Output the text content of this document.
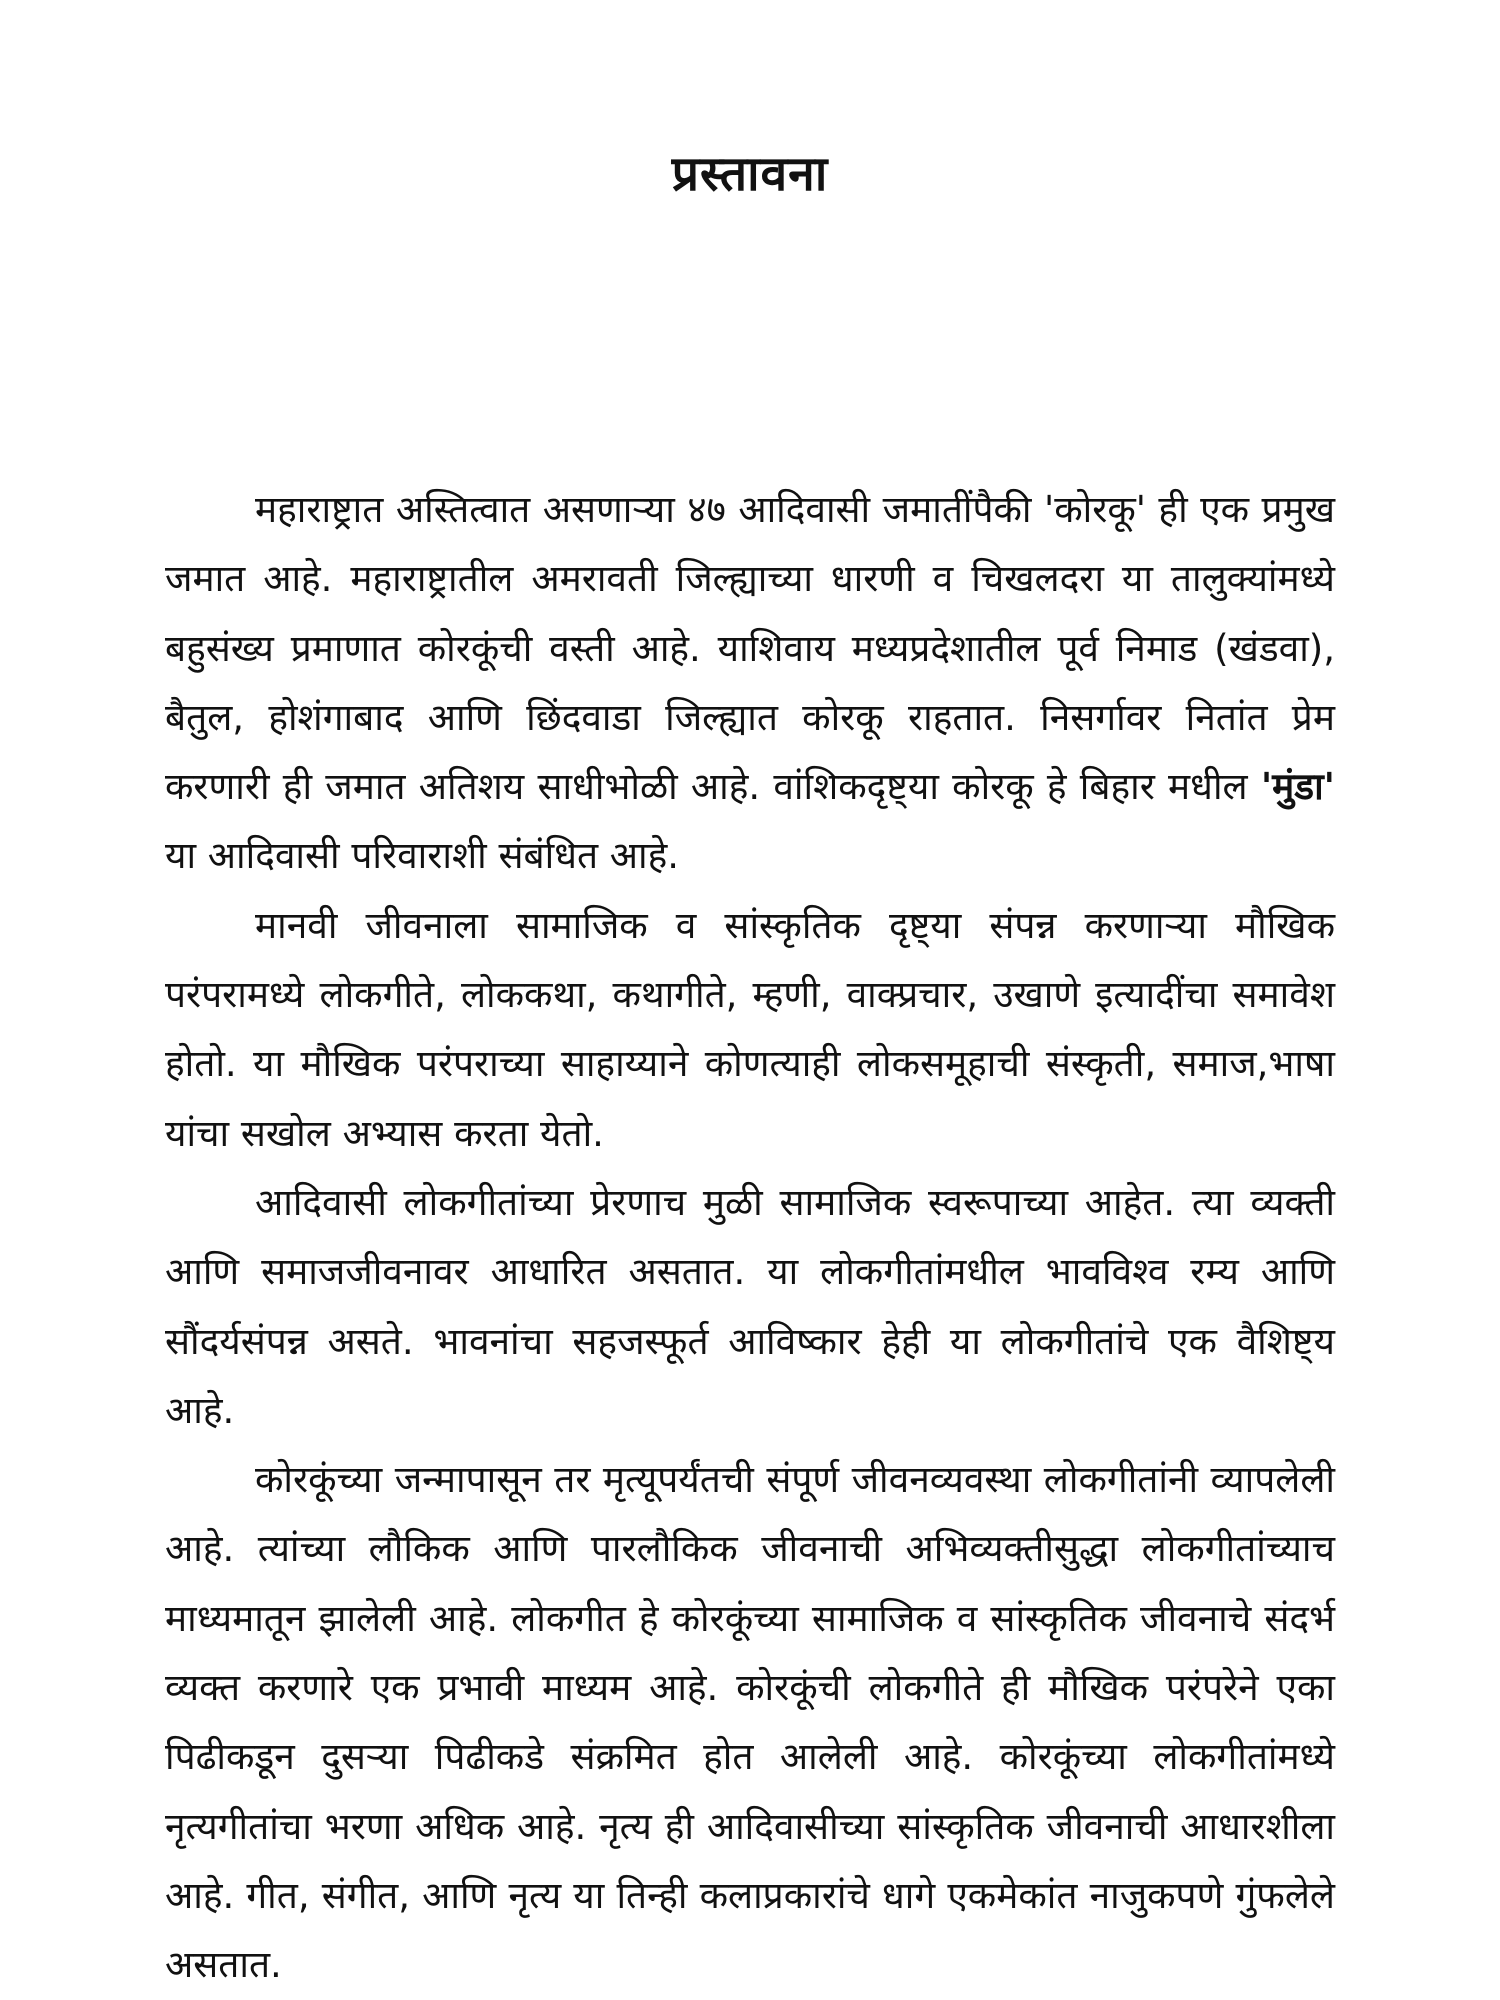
प्रस्तावना

महाराष्ट्रात अस्तित्वात असणाऱ्या ४७ आदिवासी जमातींपैकी 'कोरकू' ही एक प्रमुख जमात आहे. महाराष्ट्रातील अमरावती जिल्ह्याच्या धारणी व चिखलदरा या तालुक्यांमध्ये बहुसंख्य प्रमाणात कोरकूंची वस्ती आहे. याशिवाय मध्यप्रदेशातील पूर्व निमाड (खंडवा), बैतुल, होशंगाबाद आणि छिंदवाडा जिल्ह्यात कोरकू राहतात. निसर्गावर नितांत प्रेम करणारी ही जमात अतिशय साधीभोळी आहे. वांशिकदृष्ट्या कोरकू हे बिहार मधील 'मुंडा' या आदिवासी परिवाराशी संबंधित आहे.

मानवी जीवनाला सामाजिक व सांस्कृतिक दृष्ट्या संपन्न करणाऱ्या मौखिक परंपरामध्ये लोकगीते, लोककथा, कथागीते, म्हणी, वाक्प्रचार, उखाणे इत्यादींचा समावेश होतो. या मौखिक परंपराच्या साहाय्याने कोणत्याही लोकसमूहाची संस्कृती, समाज,भाषा यांचा सखोल अभ्यास करता येतो.

आदिवासी लोकगीतांच्या प्रेरणाच मुळी सामाजिक स्वरूपाच्या आहेत. त्या व्यक्ती आणि समाजजीवनावर आधारित असतात. या लोकगीतांमधील भावविश्व रम्य आणि सौंदर्यसंपन्न असते. भावनांचा सहजस्फूर्त आविष्कार हेही या लोकगीतांचे एक वैशिष्ट्य आहे.

कोरकूंच्या जन्मापासून तर मृत्यूपर्यंतची संपूर्ण जीवनव्यवस्था लोकगीतांनी व्यापलेली आहे. त्यांच्या लौकिक आणि पारलौकिक जीवनाची अभिव्यक्तीसुद्धा लोकगीतांच्याच माध्यमातून झालेली आहे. लोकगीत हे कोरकूंच्या सामाजिक व सांस्कृतिक जीवनाचे संदर्भ व्यक्त करणारे एक प्रभावी माध्यम आहे. कोरकूंची लोकगीते ही मौखिक परंपरेने एका पिढीकडून दुसऱ्या पिढीकडे संक्रमित होत आलेली आहे. कोरकूंच्या लोकगीतांमध्ये नृत्यगीतांचा भरणा अधिक आहे. नृत्य ही आदिवासीच्या सांस्कृतिक जीवनाची आधारशीला आहे. गीत, संगीत, आणि नृत्य या तिन्ही कलाप्रकारांचे धागे एकमेकांत नाजुकपणे गुंफलेले असतात.
